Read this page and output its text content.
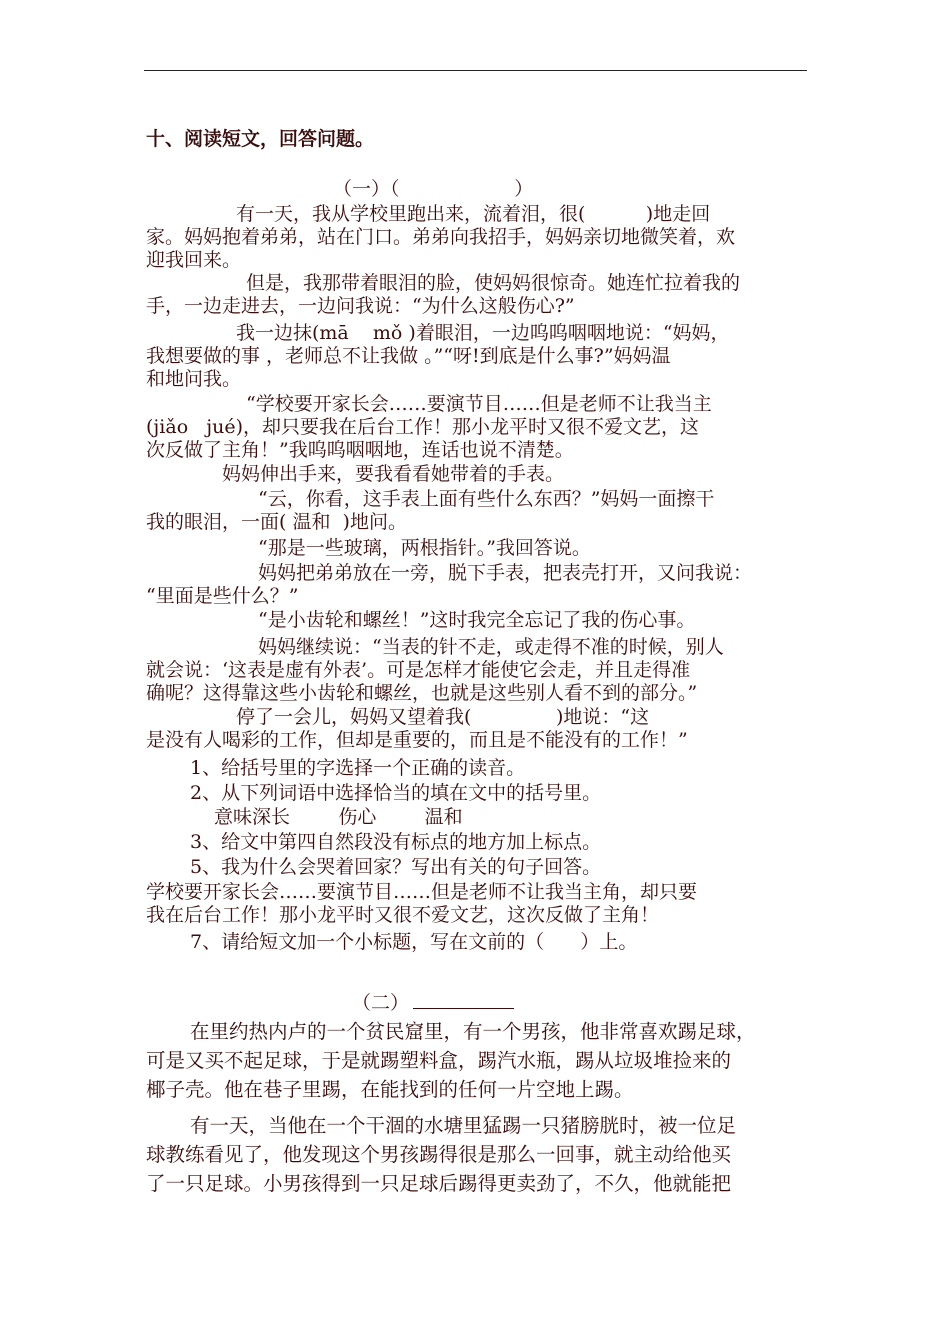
十、阅读短文，回答问题。
（一）（                   ）
有一天，我从学校里跑出来，流着泪，很(          )地走回
家。妈妈抱着弟弟，站在门口。弟弟向我招手，妈妈亲切地微笑着，欢
迎我回来。
但是，我那带着眼泪的脸，使妈妈很惊奇。她连忙拉着我的
手，一边走进去，一边问我说：“为什么这般伤心?”
我一边抹(mā    mǒ )着眼泪，一边呜呜咽咽地说：“妈妈，
我想要做的事 ，老师总不让我做 。”“呀!到底是什么事?”妈妈温
和地问我。
“学校要开家长会……要演节目……但是老师不让我当主
(jiǎo   jué)，却只要我在后台工作！那小龙平时又很不爱文艺，这
次反做了主角！”我呜呜咽咽地，连话也说不清楚。
妈妈伸出手来，要我看看她带着的手表。
“云，你看，这手表上面有些什么东西？”妈妈一面擦干
我的眼泪，一面( 温和  )地问。
“那是一些玻璃，两根指针。”我回答说。
妈妈把弟弟放在一旁，脱下手表，把表壳打开，又问我说：
“里面是些什么？”
“是小齿轮和螺丝！”这时我完全忘记了我的伤心事。
妈妈继续说：“当表的针不走，或走得不准的时候，别人
就会说：‘这表是虚有外表’。可是怎样才能使它会走，并且走得准
确呢？这得靠这些小齿轮和螺丝，也就是这些别人看不到的部分。”
停了一会儿，妈妈又望着我(              )地说：“这
是没有人喝彩的工作，但却是重要的，而且是不能没有的工作！”
1、给括号里的字选择一个正确的读音。
2、从下列词语中选择恰当的填在文中的括号里。
意味深长        伤心        温和
3、给文中第四自然段没有标点的地方加上标点。
5、我为什么会哭着回家？写出有关的句子回答。
学校要开家长会……要演节目……但是老师不让我当主角，却只要
我在后台工作！那小龙平时又很不爱文艺，这次反做了主角！
7、请给短文加一个小标题，写在文前的（      ）上。
（二）
在里约热内卢的一个贫民窟里，有一个男孩，他非常喜欢踢足球，
可是又买不起足球，于是就踢塑料盒，踢汽水瓶，踢从垃圾堆捡来的
椰子壳。他在巷子里踢，在能找到的任何一片空地上踢。
有一天，当他在一个干涸的水塘里猛踢一只猪膀胱时，被一位足
球教练看见了，他发现这个男孩踢得很是那么一回事，就主动给他买
了一只足球。小男孩得到一只足球后踢得更卖劲了，不久，他就能把
